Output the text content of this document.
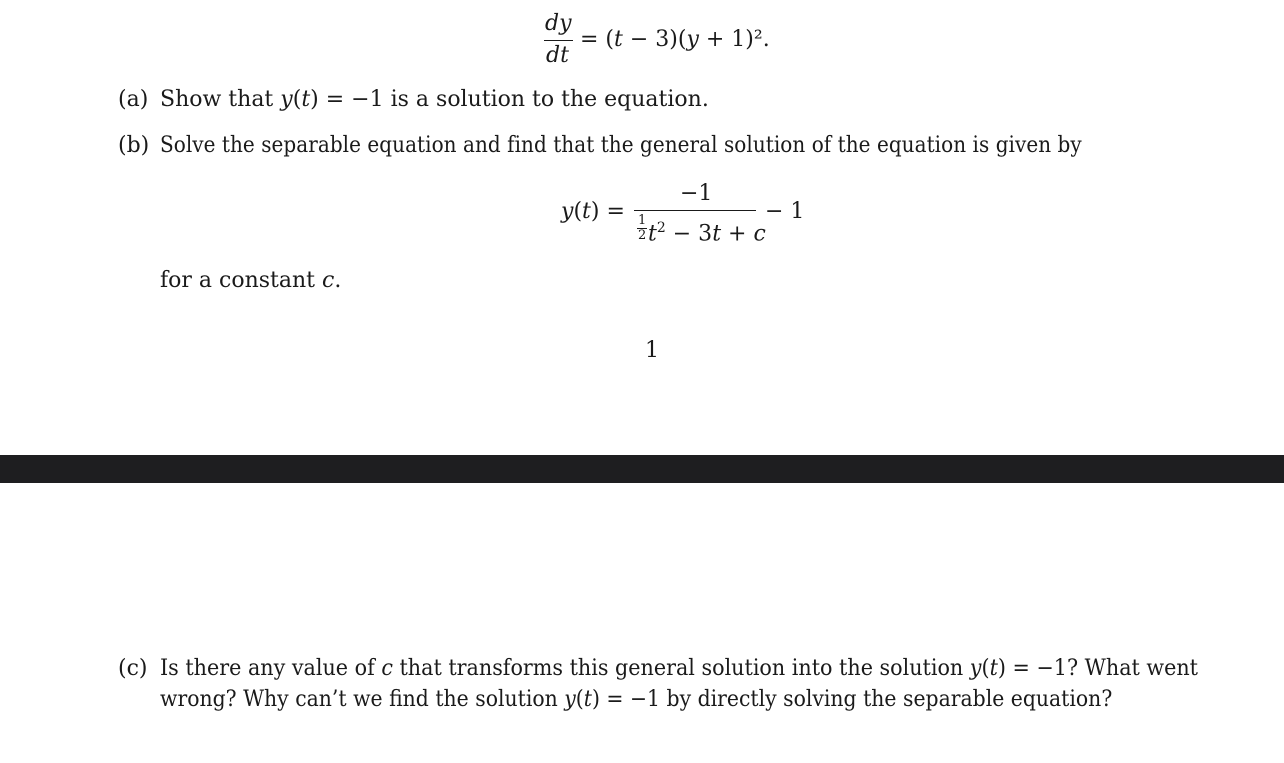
dy
dt
= (t − 3)(y + 1)².
(a) Show that y(t) = −1 is a solution to the equation.
(b) Solve the separable equation and find that the general solution of the equation is given by
y(t) =
−1
1
2 $t^2 - 3t + c$
− 1
for a constant c.
1
(c) Is there any value of c that transforms this general solution into the solution y(t) = −1? What went
wrong? Why can’t we find the solution y(t) = −1 by directly solving the separable equation?
